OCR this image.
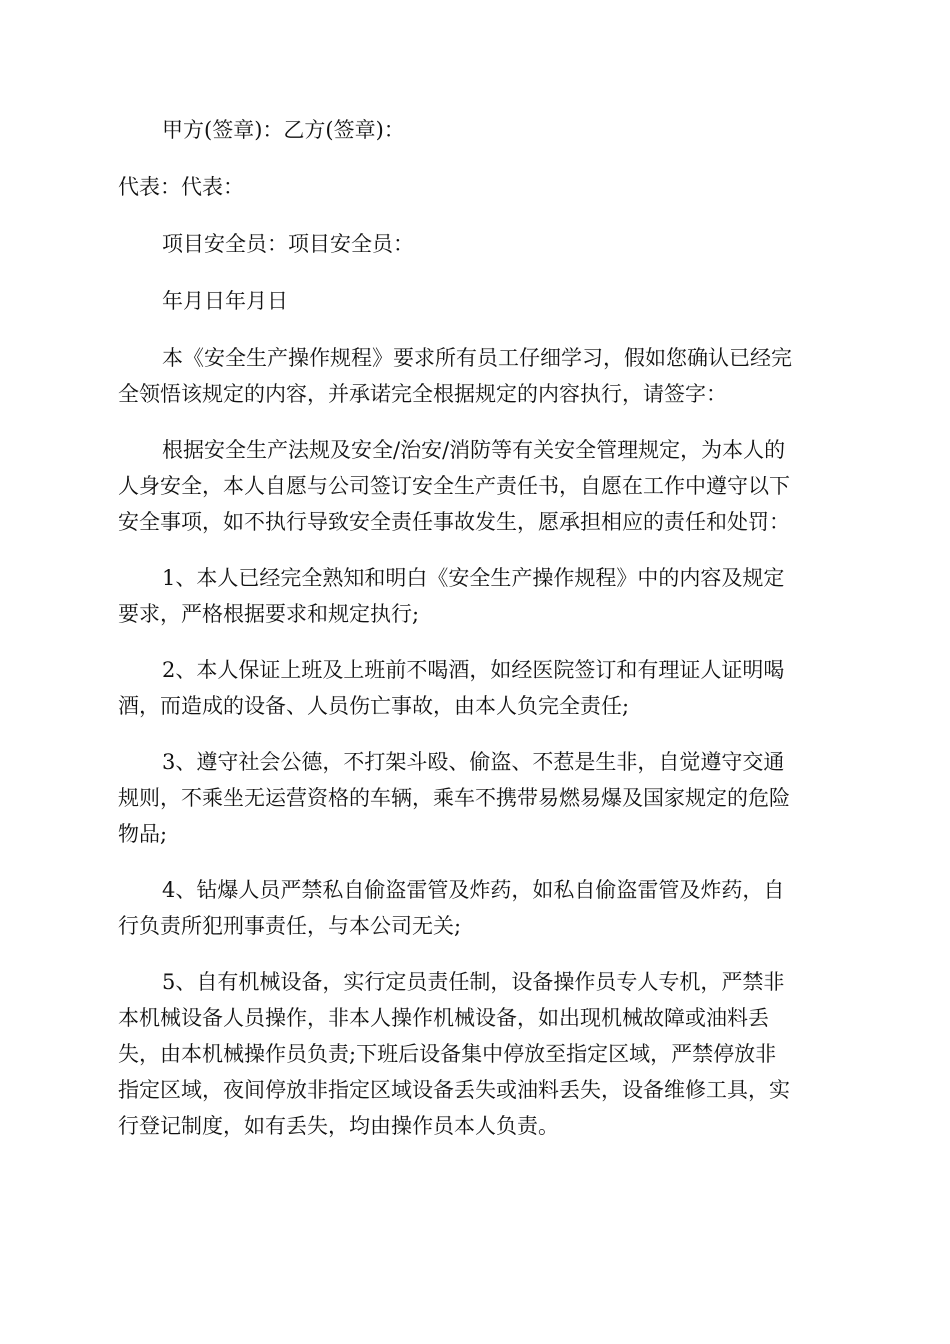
甲方(签章)：乙方(签章)：

代表：代表：

项目安全员：项目安全员：

年月日年月日

本《安全生产操作规程》要求所有员工仔细学习，假如您确认已经完

全领悟该规定的内容，并承诺完全根据规定的内容执行，请签字：

根据安全生产法规及安全/治安/消防等有关安全管理规定，为本人的

人身安全，本人自愿与公司签订安全生产责任书，自愿在工作中遵守以下

安全事项，如不执行导致安全责任事故发生，愿承担相应的责任和处罚：

1、本人已经完全熟知和明白《安全生产操作规程》中的内容及规定

要求，严格根据要求和规定执行;

2、本人保证上班及上班前不喝酒，如经医院签订和有理证人证明喝

酒，而造成的设备、人员伤亡事故，由本人负完全责任;

3、遵守社会公德，不打架斗殴、偷盗、不惹是生非，自觉遵守交通

规则，不乘坐无运营资格的车辆，乘车不携带易燃易爆及国家规定的危险

物品;

4、钻爆人员严禁私自偷盗雷管及炸药，如私自偷盗雷管及炸药，自

行负责所犯刑事责任，与本公司无关;

5、自有机械设备，实行定员责任制，设备操作员专人专机，严禁非

本机械设备人员操作，非本人操作机械设备，如出现机械故障或油料丢

失，由本机械操作员负责;下班后设备集中停放至指定区域，严禁停放非

指定区域，夜间停放非指定区域设备丢失或油料丢失，设备维修工具，实

行登记制度，如有丢失，均由操作员本人负责。
